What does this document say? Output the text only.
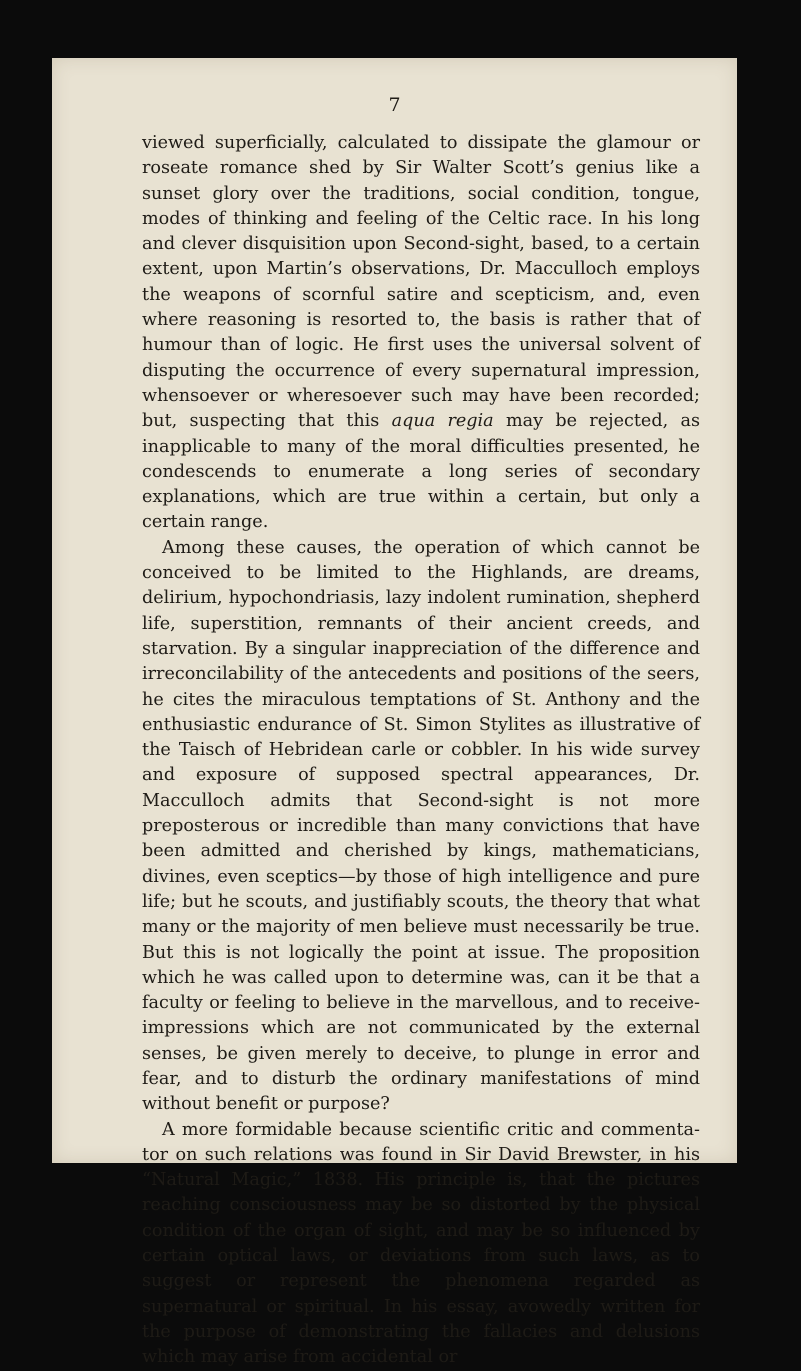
7

viewed superficially, calculated to dissipate the glamour or roseate romance shed by Sir Walter Scott’s genius like a sunset glory over the traditions, social condition, tongue, modes of thinking and feeling of the Celtic race. In his long and clever disquisition upon Second-sight, based, to a certain extent, upon Martin’s observations, Dr. Macculloch employs the weapons of scornful satire and scepticism, and, even where reasoning is resorted to, the basis is rather that of humour than of logic. He first uses the universal solvent of disputing the occurrence of every supernatural impression, whensoever or wheresoever such may have been recorded; but, suspecting that this aqua regia may be rejected, as inapplicable to many of the moral difficulties presented, he condescends to enumerate a long series of secondary explanations, which are true within a certain, but only a certain range.

Among these causes, the operation of which cannot be conceived to be limited to the Highlands, are dreams, delirium, hypochondriasis, lazy indolent rumination, shepherd life, superstition, remnants of their ancient creeds, and starvation. By a singular inappreciation of the difference and irreconcilability of the antecedents and positions of the seers, he cites the miraculous temptations of St. Anthony and the enthusiastic endurance of St. Simon Stylites as illustrative of the Taisch of Hebridean carle or cobbler. In his wide survey and exposure of supposed spectral appearances, Dr. Macculloch admits that Second-sight is not more preposterous or incredible than many convictions that have been admitted and cherished by kings, mathematicians, divines, even sceptics—by those of high intelligence and pure life; but he scouts, and justifiably scouts, the theory that what many or the majority of men believe must necessarily be true. But this is not logically the point at issue. The proposition which he was called upon to determine was, can it be that a faculty or feeling to believe in the marvellous, and to receive-impressions which are not communicated by the external senses, be given merely to deceive, to plunge in error and fear, and to disturb the ordinary manifestations of mind without benefit or purpose?

A more formidable because scientific critic and commentator on such relations was found in Sir David Brewster, in his “Natural Magic,” 1838. His principle is, that the pictures reaching consciousness may be so distorted by the physical condition of the organ of sight, and may be so influenced by certain optical laws, or deviations from such laws, as to suggest or represent the phenomena regarded as supernatural or spiritual. In his essay, avowedly written for the purpose of demonstrating the fallacies and delusions which may arise from accidental or
